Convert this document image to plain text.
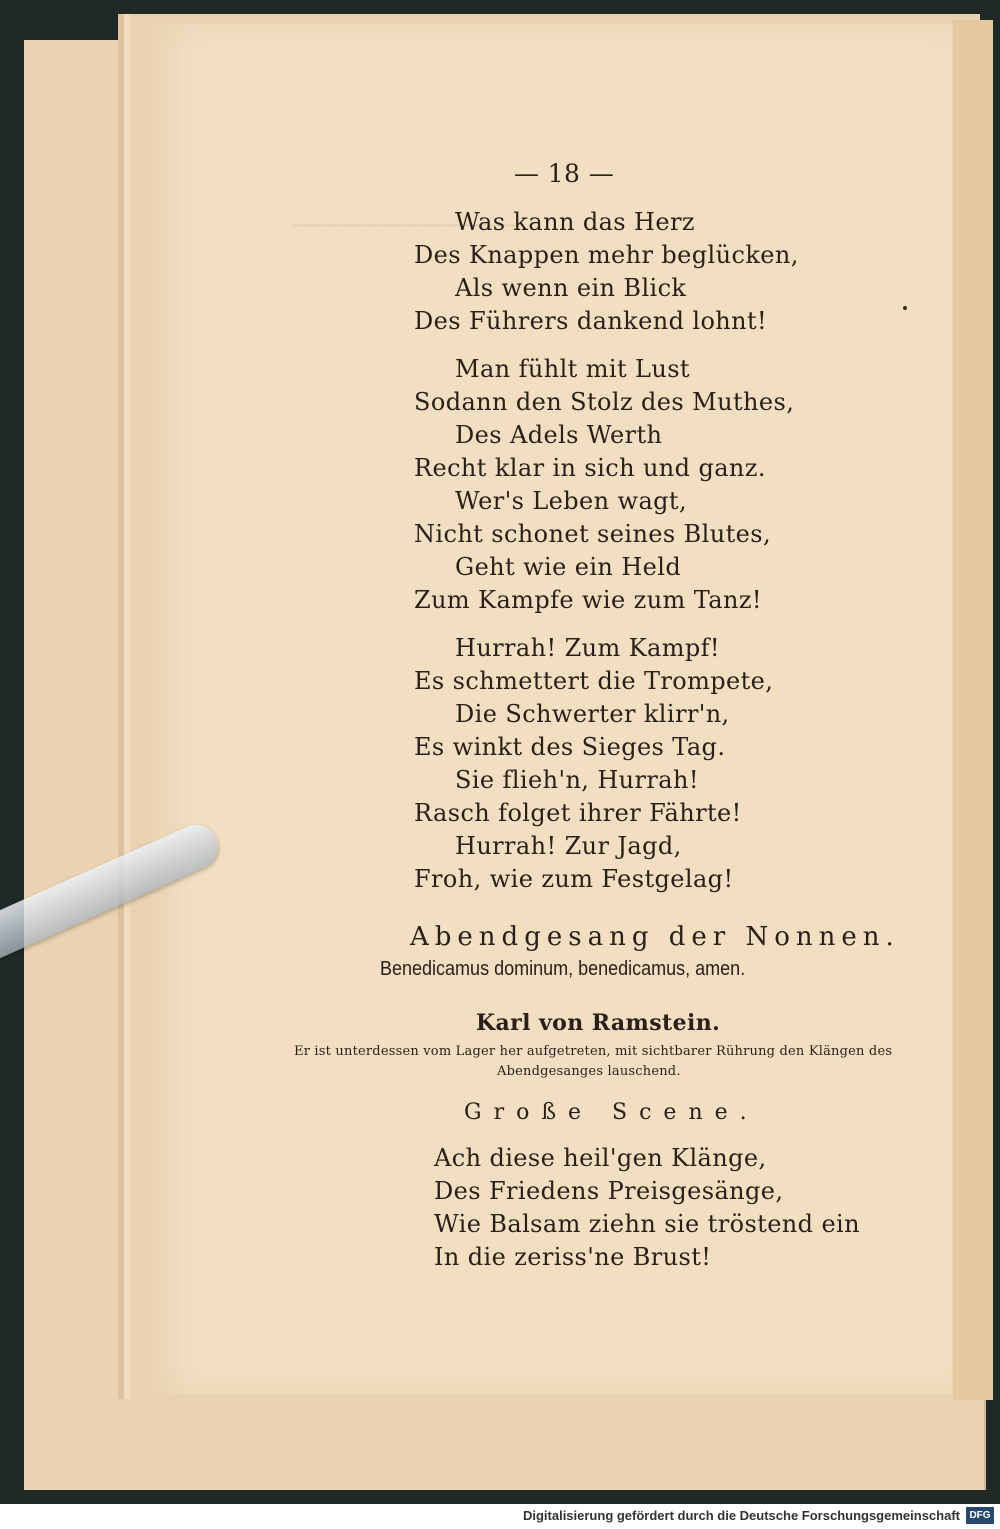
─────────────────
— 18 —
Was kann das Herz
Des Knappen mehr beglücken,
Als wenn ein Blick
Des Führers dankend lohnt!
Man fühlt mit Lust
Sodann den Stolz des Muthes,
Des Adels Werth
Recht klar in sich und ganz.
Wer's Leben wagt,
Nicht schonet seines Blutes,
Geht wie ein Held
Zum Kampfe wie zum Tanz!
Hurrah! Zum Kampf!
Es schmettert die Trompete,
Die Schwerter klirr'n,
Es winkt des Sieges Tag.
Sie flieh'n, Hurrah!
Rasch folget ihrer Fährte!
Hurrah! Zur Jagd,
Froh, wie zum Festgelag!
Abendgesang der Nonnen.
Benedicamus dominum, benedicamus, amen.
Karl von Ramstein.
Er ist unterdessen vom Lager her aufgetreten, mit sichtbarer Rührung den Klängen des
Abendgesanges lauschend.
Große Scene.
Ach diese heil'gen Klänge,
Des Friedens Preisgesänge,
Wie Balsam ziehn sie tröstend ein
In die zeriss'ne Brust!
Digitalisierung gefördert durch die Deutsche Forschungsgemeinschaft DFG
